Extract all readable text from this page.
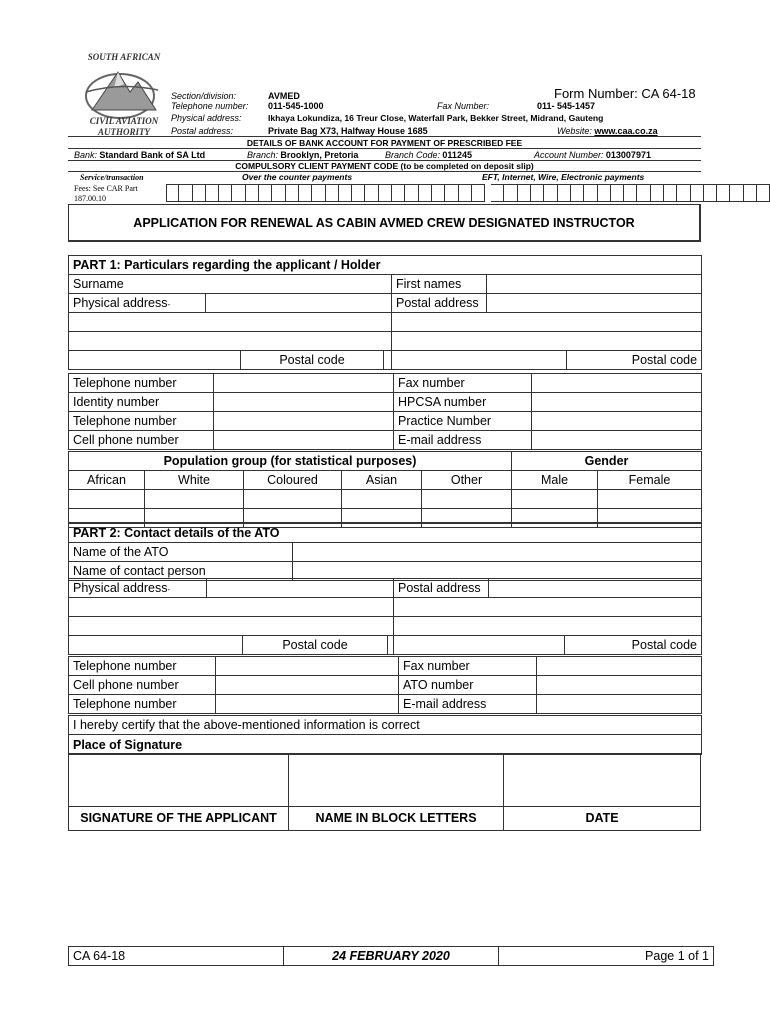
SOUTH AFRICAN
CIVIL AVIATION
AUTHORITY
Form Number: CA 64-18
Section/division:	AVMED
Telephone number: 011-545-1000	Fax Number:	011- 545-1457
Physical address:	Ikhaya Lokundiza, 16 Treur Close, Waterfall Park, Bekker Street, Midrand, Gauteng
Postal address:	Private Bag X73, Halfway House 1685	Website: www.caa.co.za
DETAILS OF BANK ACCOUNT FOR PAYMENT OF PRESCRIBED FEE
Bank: Standard Bank of SA Ltd	Branch: Brooklyn, Pretoria	Branch Code: 011245	Account Number: 013007971
COMPULSORY CLIENT PAYMENT CODE (to be completed on deposit slip)
Service/transaction	Over the counter payments	EFT, Internet, Wire, Electronic payments
Fees: See CAR Part
187.00.10
APPLICATION FOR RENEWAL AS CABIN AVMED CREW DESIGNATED INSTRUCTOR
PART 1: Particulars regarding the applicant / Holder						
Surname				First names		
Physical address-				Postal address		

		Postal code				Postal code
Telephone number		Fax number	
Identity number		HPCSA number	
Telephone number		Practice Number	
Cell phone number		E-mail address	
Population group (for statistical purposes)					Gender	
African	White	Coloured	Asian	Other	Male	Female

PART 2: Contact details of the ATO	
Name of the ATO	
Name of contact person	
Physical address-				Postal address		

		Postal code				Postal code
Telephone number		Fax number	
Cell phone number		ATO number	
Telephone number		E-mail address	
I hereby certify that the above-mentioned information is correct
Place of Signature
SIGNATURE OF THE APPLICANT	NAME IN BLOCK LETTERS	DATE
CA 64-18	24 FEBRUARY 2020	Page 1 of 1
